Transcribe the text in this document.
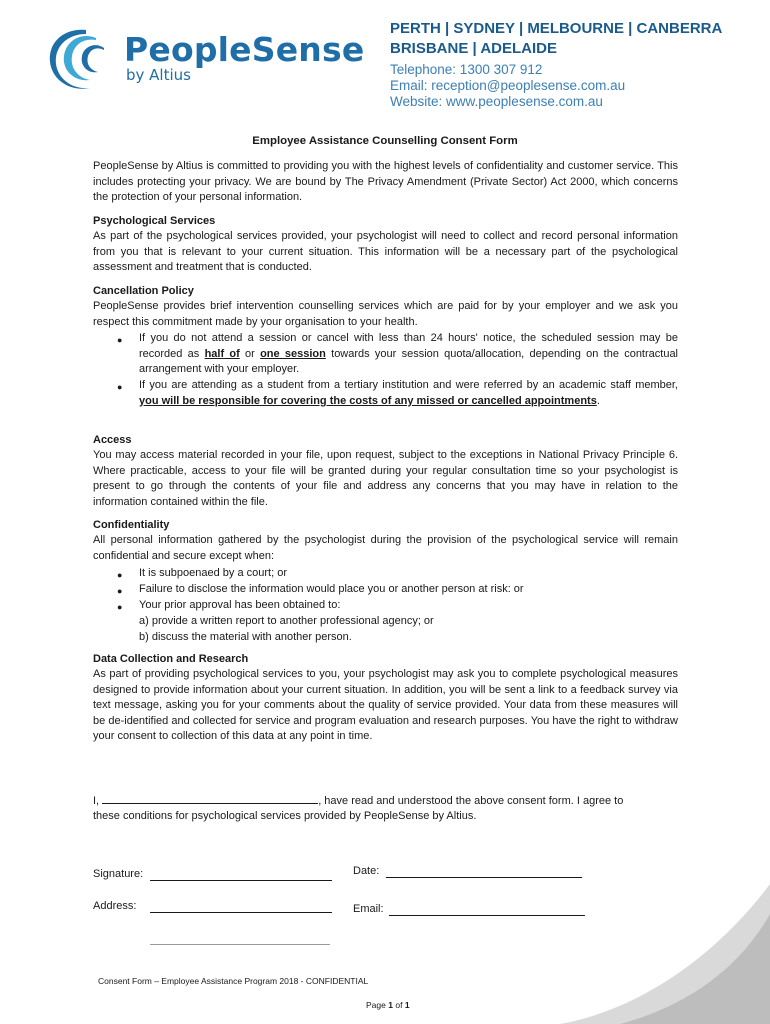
PeopleSense
by Altius
PERTH | SYDNEY | MELBOURNE | CANBERRA
BRISBANE | ADELAIDE
Telephone: 1300 307 912
Email: reception@peoplesense.com.au
Website: www.peoplesense.com.au
Employee Assistance Counselling Consent Form
PeopleSense by Altius is committed to providing you with the highest levels of confidentiality and customer service. This includes protecting your privacy. We are bound by The Privacy Amendment (Private Sector) Act 2000, which concerns the protection of your personal information.
Psychological Services
As part of the psychological services provided, your psychologist will need to collect and record personal information from you that is relevant to your current situation. This information will be a necessary part of the psychological assessment and treatment that is conducted.
Cancellation Policy
PeopleSense provides brief intervention counselling services which are paid for by your employer and we ask you respect this commitment made by your organisation to your health.
● If you do not attend a session or cancel with less than 24 hours' notice, the scheduled session may be recorded as half of or one session towards your session quota/allocation, depending on the contractual arrangement with your employer.
● If you are attending as a student from a tertiary institution and were referred by an academic staff member, you will be responsible for covering the costs of any missed or cancelled appointments.
Access
You may access material recorded in your file, upon request, subject to the exceptions in National Privacy Principle 6. Where practicable, access to your file will be granted during your regular consultation time so your psychologist is present to go through the contents of your file and address any concerns that you may have in relation to the information contained within the file.
Confidentiality
All personal information gathered by the psychologist during the provision of the psychological service will remain confidential and secure except when:
● It is subpoenaed by a court; or
● Failure to disclose the information would place you or another person at risk: or
● Your prior approval has been obtained to:
a) provide a written report to another professional agency; or
b) discuss the material with another person.
Data Collection and Research
As part of providing psychological services to you, your psychologist may ask you to complete psychological measures designed to provide information about your current situation. In addition, you will be sent a link to a feedback survey via text message, asking you for your comments about the quality of service provided. Your data from these measures will be de-identified and collected for service and program evaluation and research purposes. You have the right to withdraw your consent to collection of this data at any point in time.
I,	, have read and understood the above consent form. I agree to
these conditions for psychological services provided by PeopleSense by Altius.
Signature:	Date:
Address:	Email:
Consent Form – Employee Assistance Program 2018 - CONFIDENTIAL
Page 1 of 1
